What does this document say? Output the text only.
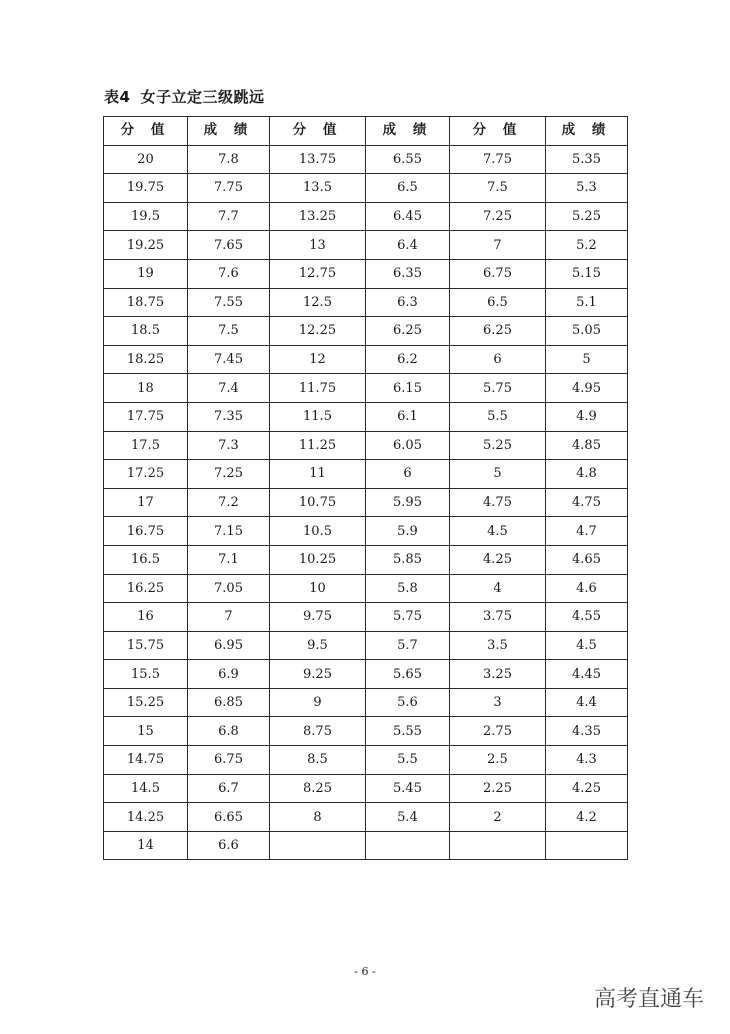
表4 女子立定三级跳远
分 值	成 绩	分 值	成 绩	分 值	成 绩
20	7.8	13.75	6.55	7.75	5.35
19.75	7.75	13.5	6.5	7.5	5.3
19.5	7.7	13.25	6.45	7.25	5.25
19.25	7.65	13	6.4	7	5.2
19	7.6	12.75	6.35	6.75	5.15
18.75	7.55	12.5	6.3	6.5	5.1
18.5	7.5	12.25	6.25	6.25	5.05
18.25	7.45	12	6.2	6	5
18	7.4	11.75	6.15	5.75	4.95
17.75	7.35	11.5	6.1	5.5	4.9
17.5	7.3	11.25	6.05	5.25	4.85
17.25	7.25	11	6	5	4.8
17	7.2	10.75	5.95	4.75	4.75
16.75	7.15	10.5	5.9	4.5	4.7
16.5	7.1	10.25	5.85	4.25	4.65
16.25	7.05	10	5.8	4	4.6
16	7	9.75	5.75	3.75	4.55
15.75	6.95	9.5	5.7	3.5	4.5
15.5	6.9	9.25	5.65	3.25	4.45
15.25	6.85	9	5.6	3	4.4
15	6.8	8.75	5.55	2.75	4.35
14.75	6.75	8.5	5.5	2.5	4.3
14.5	6.7	8.25	5.45	2.25	4.25
14.25	6.65	8	5.4	2	4.2
14	6.6				
- 6 -
高考直通车
